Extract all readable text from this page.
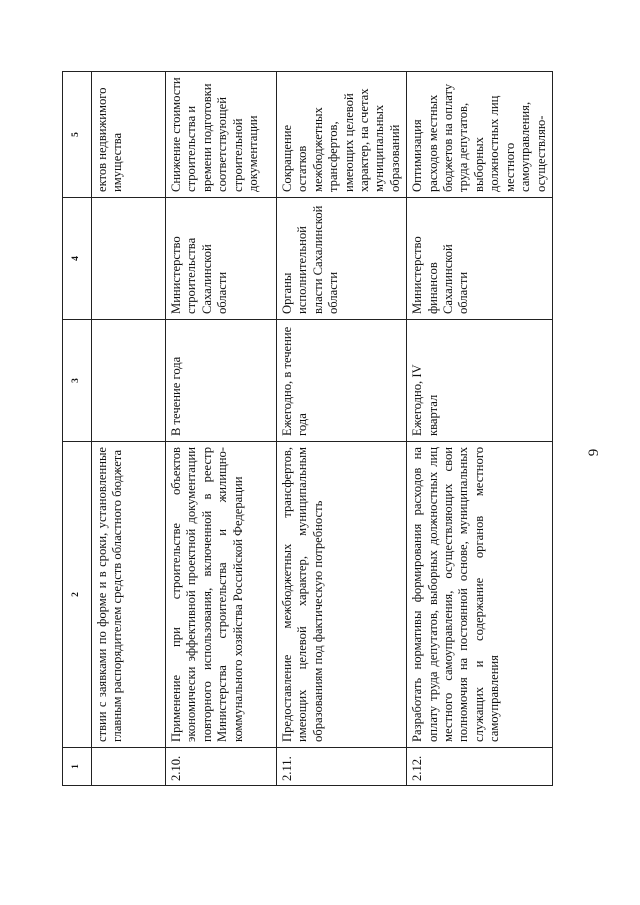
9
1	2	3	4	5
	ствии с заявками по форме и в сроки, установленные главным распорядителем средств областного бюджета			ектов недвижимого имущества
2.10.	Применение при строительстве объектов экономически эффективной проектной документации повторного использования, включенной в реестр Министерства строительства и жилищно-коммунального хозяйства Российской Федерации	В течение года	Министерство строительства Сахалинской области	Снижение стоимости строительства и времени подготовки соответствующей строительной документации
2.11.	Предоставление межбюджетных трансфертов, имеющих целевой характер, муниципальным образованиям под фактическую потребность	Ежегодно, в течение года	Органы исполнительной власти Сахалинской области	Сокращение остатков межбюджетных трансфертов, имеющих целевой характер, на счетах муниципальных образований
2.12.	Разработать нормативы формирования расходов на оплату труда депутатов, выборных должностных лиц местного самоуправления, осуществляющих свои полномочия на постоянной основе, муниципальных служащих и содержание органов местного самоуправления	Ежегодно, IV квартал	Министерство финансов Сахалинской области	Оптимизация расходов местных бюджетов на оплату труда депутатов, выборных должностных лиц местного самоуправления, осуществляю-
